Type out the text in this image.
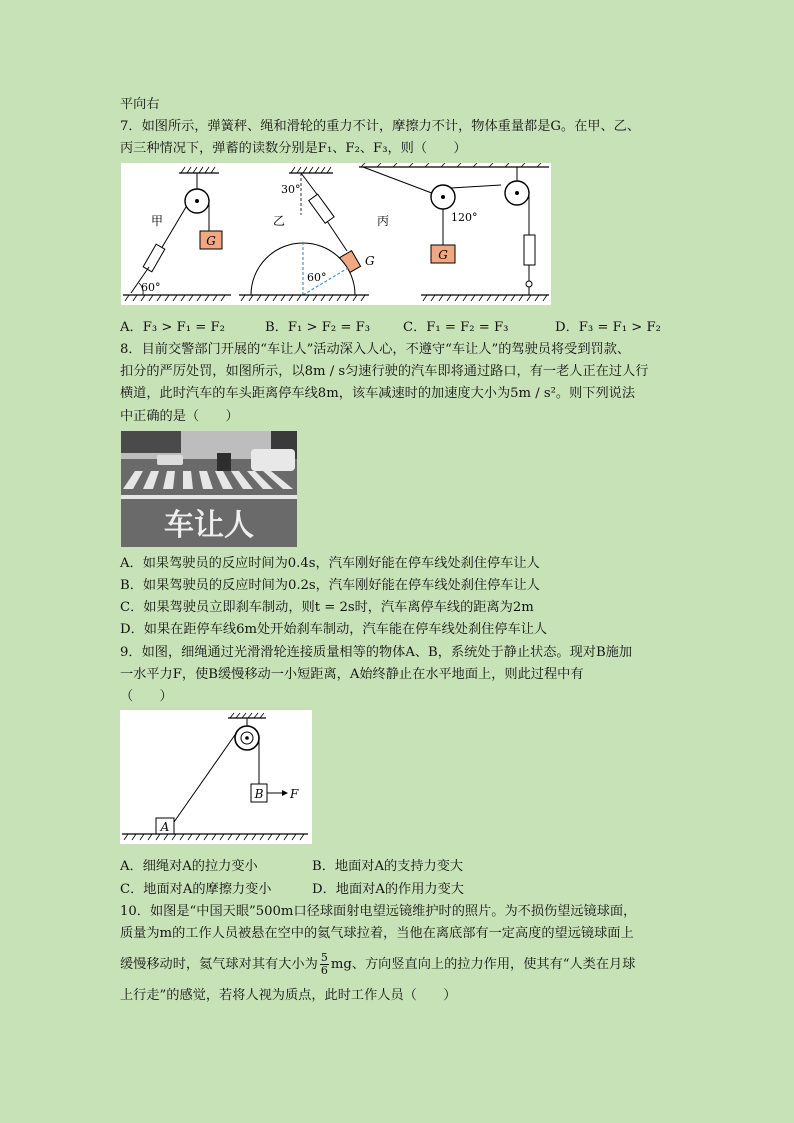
平向右
7．如图所示，弹簧秤、绳和滑轮的重力不计，摩擦力不计，物体重量都是G。在甲、乙、
丙三种情况下，弹蓄的读数分别是F₁、F₂、F₃，则（　　）
G
60°
甲
G
30°
60°
乙
G
120°
丙
A．F₃ > F₁ = F₂	B．F₁ > F₂ = F₃	C．F₁ = F₂ = F₃	D．F₃ = F₁ > F₂
8．目前交警部门开展的“车让人”活动深入人心，不遵守“车让人”的驾驶员将受到罚款、
扣分的严厉处罚，如图所示，以8m / s匀速行驶的汽车即将通过路口，有一老人正在过人行
横道，此时汽车的车头距离停车线8m，该车减速时的加速度大小为5m / s²。则下列说法
中正确的是（　　）
车让人
A．如果驾驶员的反应时间为0.4s，汽车刚好能在停车线处刹住停车让人
B．如果驾驶员的反应时间为0.2s，汽车刚好能在停车线处刹住停车让人
C．如果驾驶员立即刹车制动，则t = 2s时，汽车离停车线的距离为2m
D．如果在距停车线6m处开始刹车制动，汽车能在停车线处刹住停车让人
9．如图，细绳通过光滑滑轮连接质量相等的物体A、B，系统处于静止状态。现对B施加
一水平力F，使B缓慢移动一小短距离，A始终静止在水平地面上，则此过程中有
（　　）
B F
A
A．细绳对A的拉力变小	B．地面对A的支持力变大
C．地面对A的摩擦力变小	D．地面对A的作用力变大
10．如图是“中国天眼”500m口径球面射电望远镜维护时的照片。为不损伤望远镜球面，
质量为m的工作人员被悬在空中的氦气球拉着，当他在离底部有一定高度的望远镜球面上
缓慢移动时，氦气球对其有大小为 $\frac{5}{6}$ mg、方向竖直向上的拉力作用，使其有“人类在月球
上行走”的感觉，若将人视为质点，此时工作人员（　　）
